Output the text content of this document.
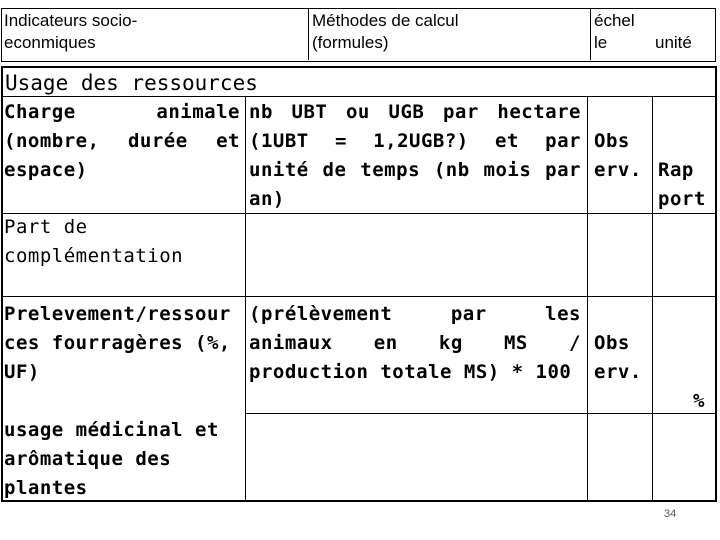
Indicateurs socio-
econmiques
Méthodes de calcul
(formules)
échel
le	unité
Usage des ressources
Charge animale (nombre, durée et espace)
nb UBT ou UGB par hectare (1UBT = 1,2UGB?) et par unité de temps (nb mois par an)
Obs erv. Rap port
Part de complémentation
Prelevement/ressources fourragères (%, UF)
(prélèvement par les animaux en kg MS / production totale MS) * 100
Obs erv.
%
usage médicinal et arômatique des plantes
34
